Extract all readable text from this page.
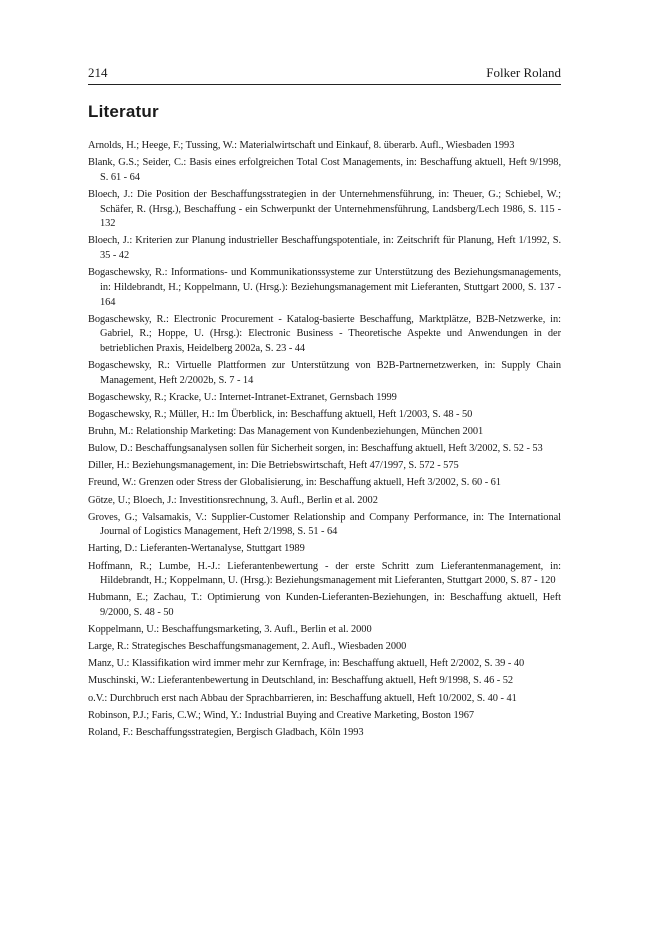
214	Folker Roland
Literatur
Arnolds, H.; Heege, F.; Tussing, W.: Materialwirtschaft und Einkauf, 8. überarb. Aufl., Wiesbaden 1993
Blank, G.S.; Seider, C.: Basis eines erfolgreichen Total Cost Managements, in: Beschaffung aktuell, Heft 9/1998, S. 61 - 64
Bloech, J.: Die Position der Beschaffungsstrategien in der Unternehmensführung, in: Theuer, G.; Schiebel, W.; Schäfer, R. (Hrsg.), Beschaffung - ein Schwerpunkt der Unternehmensführung, Landsberg/Lech 1986, S. 115 - 132
Bloech, J.: Kriterien zur Planung industrieller Beschaffungspotentiale, in: Zeitschrift für Planung, Heft 1/1992, S. 35 - 42
Bogaschewsky, R.: Informations- und Kommunikationssysteme zur Unterstützung des Beziehungsmanagements, in: Hildebrandt, H.; Koppelmann, U. (Hrsg.): Beziehungsmanagement mit Lieferanten, Stuttgart 2000, S. 137 - 164
Bogaschewsky, R.: Electronic Procurement - Katalog-basierte Beschaffung, Marktplätze, B2B-Netzwerke, in: Gabriel, R.; Hoppe, U. (Hrsg.): Electronic Business - Theoretische Aspekte und Anwendungen in der betrieblichen Praxis, Heidelberg 2002a, S. 23 - 44
Bogaschewsky, R.: Virtuelle Plattformen zur Unterstützung von B2B-Partnernetzwerken, in: Supply Chain Management, Heft 2/2002b, S. 7 - 14
Bogaschewsky, R.; Kracke, U.: Internet-Intranet-Extranet, Gernsbach 1999
Bogaschewsky, R.; Müller, H.: Im Überblick, in: Beschaffung aktuell, Heft 1/2003, S. 48 - 50
Bruhn, M.: Relationship Marketing: Das Management von Kundenbeziehungen, München 2001
Bulow, D.: Beschaffungsanalysen sollen für Sicherheit sorgen, in: Beschaffung aktuell, Heft 3/2002, S. 52 - 53
Diller, H.: Beziehungsmanagement, in: Die Betriebswirtschaft, Heft 47/1997, S. 572 - 575
Freund, W.: Grenzen oder Stress der Globalisierung, in: Beschaffung aktuell, Heft 3/2002, S. 60 - 61
Götze, U.; Bloech, J.: Investitionsrechnung, 3. Aufl., Berlin et al. 2002
Groves, G.; Valsamakis, V.: Supplier-Customer Relationship and Company Performance, in: The International Journal of Logistics Management, Heft 2/1998, S. 51 - 64
Harting, D.: Lieferanten-Wertanalyse, Stuttgart 1989
Hoffmann, R.; Lumbe, H.-J.: Lieferantenbewertung - der erste Schritt zum Lieferantenmanagement, in: Hildebrandt, H.; Koppelmann, U. (Hrsg.): Beziehungsmanagement mit Lieferanten, Stuttgart 2000, S. 87 - 120
Hubmann, E.; Zachau, T.: Optimierung von Kunden-Lieferanten-Beziehungen, in: Beschaffung aktuell, Heft 9/2000, S. 48 - 50
Koppelmann, U.: Beschaffungsmarketing, 3. Aufl., Berlin et al. 2000
Large, R.: Strategisches Beschaffungsmanagement, 2. Aufl., Wiesbaden 2000
Manz, U.: Klassifikation wird immer mehr zur Kernfrage, in: Beschaffung aktuell, Heft 2/2002, S. 39 - 40
Muschinski, W.: Lieferantenbewertung in Deutschland, in: Beschaffung aktuell, Heft 9/1998, S. 46 - 52
o.V.: Durchbruch erst nach Abbau der Sprachbarrieren, in: Beschaffung aktuell, Heft 10/2002, S. 40 - 41
Robinson, P.J.; Faris, C.W.; Wind, Y.: Industrial Buying and Creative Marketing, Boston 1967
Roland, F.: Beschaffungsstrategien, Bergisch Gladbach, Köln 1993
